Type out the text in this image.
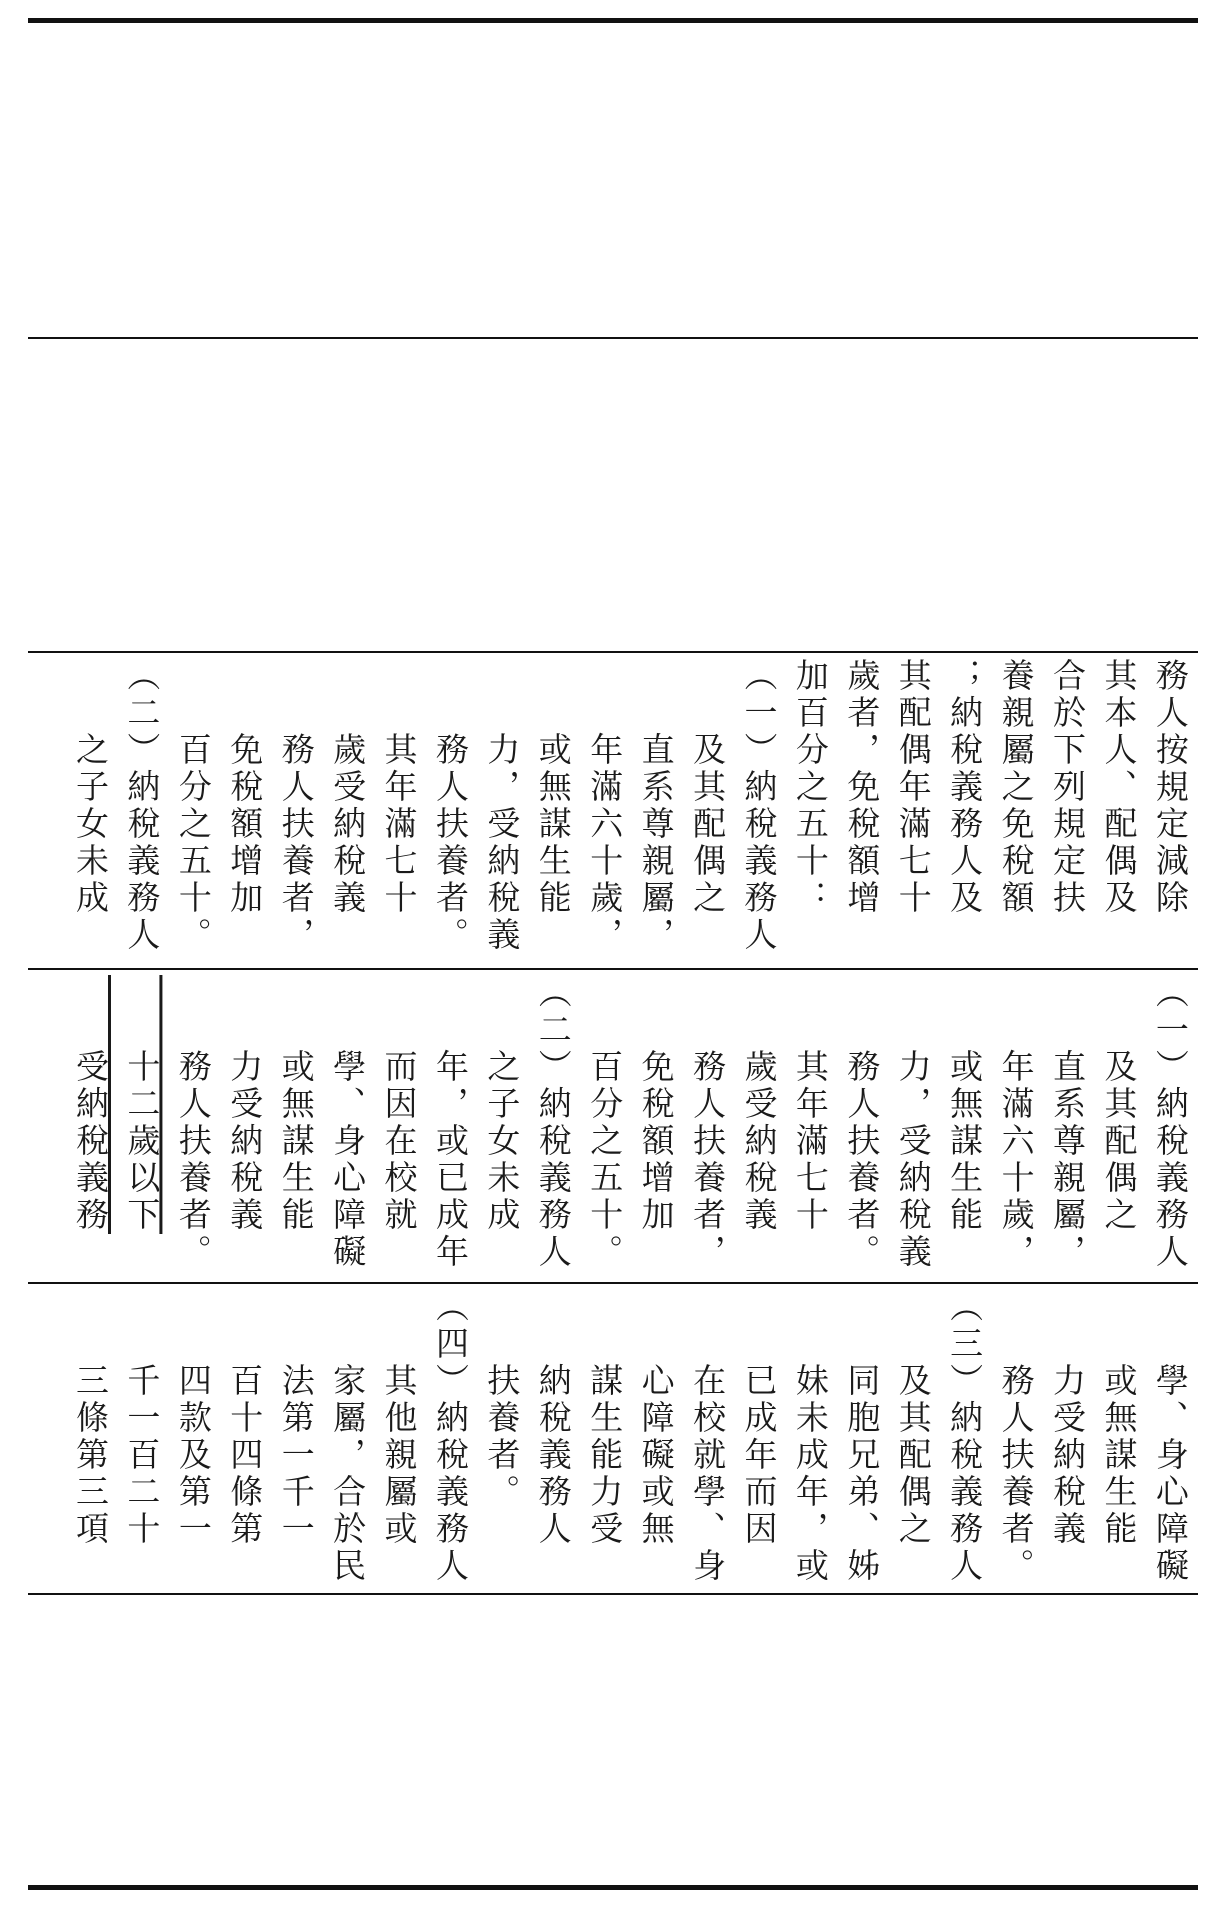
務人按規定減除
其本人、配偶及
合於下列規定扶
養親屬之免稅額
；納稅義務人及
其配偶年滿七十
歲者，免稅額增
加百分之五十：
（一）納稅義務人
　　及其配偶之
　　直系尊親屬，
　　年滿六十歲，
　　或無謀生能
　　力，受納稅義
　　務人扶養者。
　　其年滿七十
　　歲受納稅義
　　務人扶養者，
　　免稅額增加
　　百分之五十。
（二）納稅義務人
　　之子女未成
（一）納稅義務人
　　及其配偶之
　　直系尊親屬，
　　年滿六十歲，
　　或無謀生能
　　力，受納稅義
　　務人扶養者。
　　其年滿七十
　　歲受納稅義
　　務人扶養者，
　　免稅額增加
　　百分之五十。
（二）納稅義務人
　　之子女未成
　　年，或已成年
　　而因在校就
　　學、身心障礙
　　或無謀生能
　　力受納稅義
　　務人扶養者。
　　十二歲以下
　　受納稅義務
　　學、身心障礙
　　或無謀生能
　　力受納稅義
　　務人扶養者。
（三）納稅義務人
　　及其配偶之
　　同胞兄弟、姊
　　妹未成年，或
　　已成年而因
　　在校就學、身
　　心障礙或無
　　謀生能力受
　　納稅義務人
　　扶養者。
（四）納稅義務人
　　其他親屬或
　　家屬，合於民
　　法第一千一
　　百十四條第
　　四款及第一
　　千一百二十
　　三條第三項
